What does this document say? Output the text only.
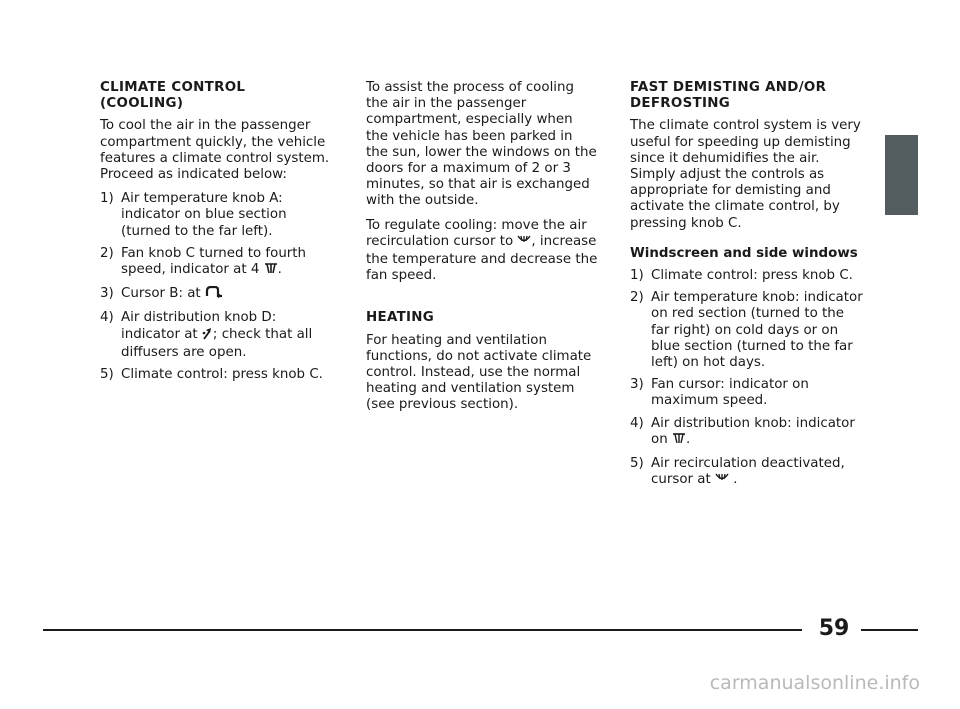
CLIMATE CONTROL
(COOLING)

To cool the air in the passenger compartment quickly, the vehicle features a climate control system. Proceed as indicated below:

1) Air temperature knob A: indicator on blue section (turned to the far left).
2) Fan knob C turned to fourth speed, indicator at 4 .
3) Cursor B: at
4) Air distribution knob D: indicator at ; check that all diffusers are open.
5) Climate control: press knob C.

To assist the process of cooling the air in the passenger compartment, especially when the vehicle has been parked in the sun, lower the windows on the doors for a maximum of 2 or 3 minutes, so that air is exchanged with the outside.

To regulate cooling: move the air recirculation cursor to , increase the temperature and decrease the fan speed.

HEATING

For heating and ventilation functions, do not activate climate control. Instead, use the normal heating and ventilation system (see previous section).

FAST DEMISTING AND/OR
DEFROSTING

The climate control system is very useful for speeding up demisting since it dehumidifies the air. Simply adjust the controls as appropriate for demisting and activate the climate control, by pressing knob C.

Windscreen and side windows
1) Climate control: press knob C.
2) Air temperature knob: indicator on red section (turned to the far right) on cold days or on blue section (turned to the far left) on hot days.
3) Fan cursor: indicator on maximum speed.
4) Air distribution knob: indicator on .
5) Air recirculation deactivated, cursor at  .
59
carmanualsonline.info
